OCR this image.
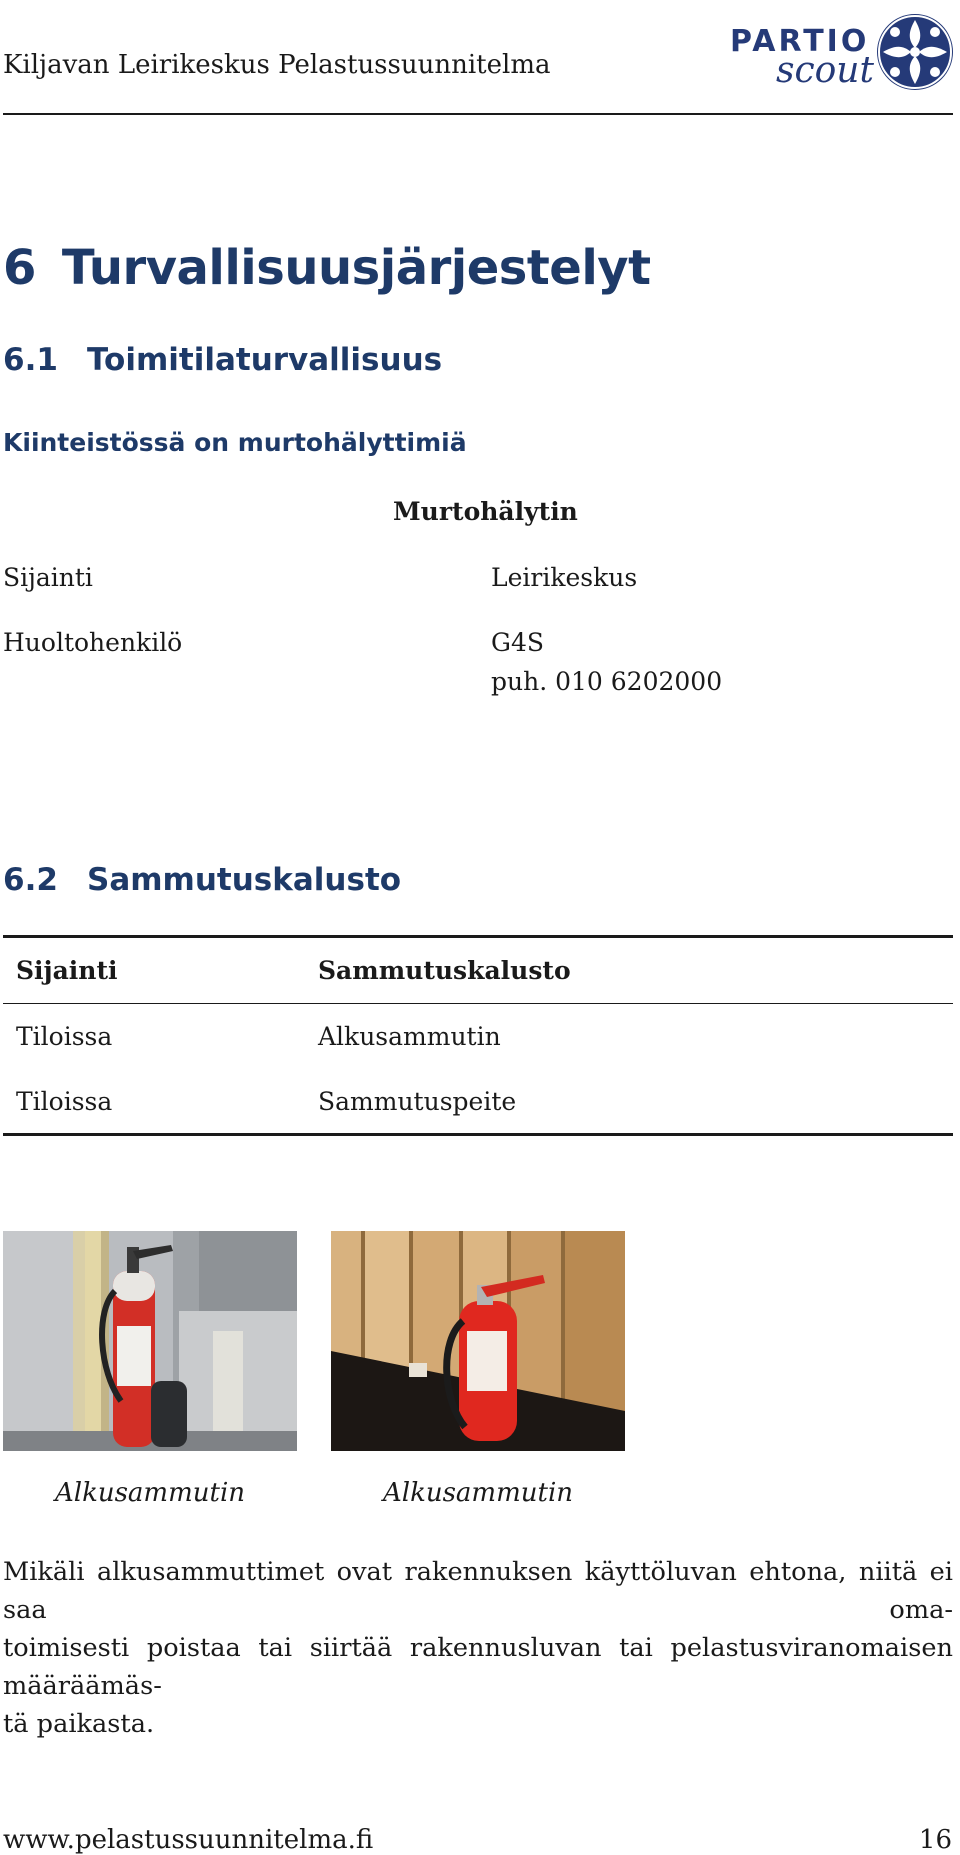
Kiljavan Leirikeskus Pelastussuunnitelma
PARTIO
scout
6 Turvallisuusjärjestelyt
6.1 Toimitilaturvallisuus
Kiinteistössä on murtohälyttimiä
Murtohälytin
Sijainti	Leirikeskus
Huoltohenkilö	G4S
puh. 010 6202000
6.2 Sammutuskalusto
Sijainti	Sammutuskalusto
Tiloissa	Alkusammutin
Tiloissa	Sammutuspeite
Alkusammutin	Alkusammutin
Mikäli alkusammuttimet ovat rakennuksen käyttöluvan ehtona, niitä ei saa oma-
toimisesti poistaa tai siirtää rakennusluvan tai pelastusviranomaisen määräämäs-
tä paikasta.
www.pelastussuunnitelma.fi	16
